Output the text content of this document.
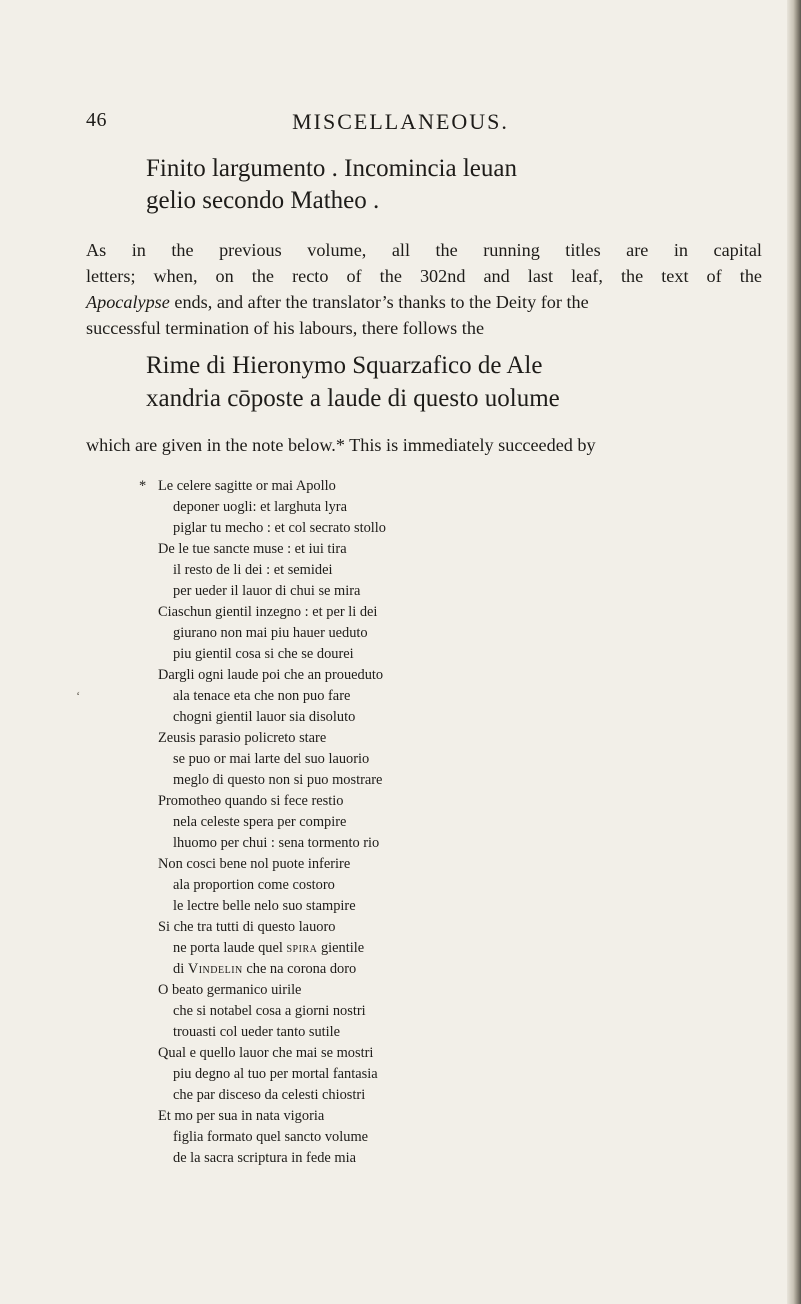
46	MISCELLANEOUS.
Finito largumento . Incomincia leuan
gelio secondo Matheo .
As in the previous volume, all the running titles are in capital
letters; when, on the recto of the 302nd and last leaf, the text of the
Apocalypse ends, and after the translator’s thanks to the Deity for the
successful termination of his labours, there follows the
Rime di Hieronymo Squarzafico de Ale
xandria cōposte a laude di questo uolume
which are given in the note below.* This is immediately succeeded by
* Le celere sagitte or mai Apollo
deponer uogli: et larghuta lyra
piglar tu mecho : et col secrato stollo
De le tue sancte muse : et iui tira
il resto de li dei : et semidei
per ueder il lauor di chui se mira
Ciaschun gientil inzegno : et per li dei
giurano non mai piu hauer ueduto
piu gientil cosa si che se dourei
Dargli ogni laude poi che an proueduto
ala tenace eta che non puo fare
chogni gientil lauor sia disoluto
Zeusis parasio policreto stare
se puo or mai larte del suo lauorio
meglo di questo non si puo mostrare
Promotheo quando si fece restio
nela celeste spera per compire
lhuomo per chui : sena tormento rio
Non cosci bene nol puote inferire
ala proportion come costoro
le lectre belle nelo suo stampire
Si che tra tutti di questo lauoro
ne porta laude quel spira gientile
di Vindelin che na corona doro
O beato germanico uirile
che si notabel cosa a giorni nostri
trouasti col ueder tanto sutile
Qual e quello lauor che mai se mostri
piu degno al tuo per mortal fantasia
che par disceso da celesti chiostri
Et mo per sua in nata vigoria
figlia formato quel sancto volume
de la sacra scriptura in fede mia
‘
